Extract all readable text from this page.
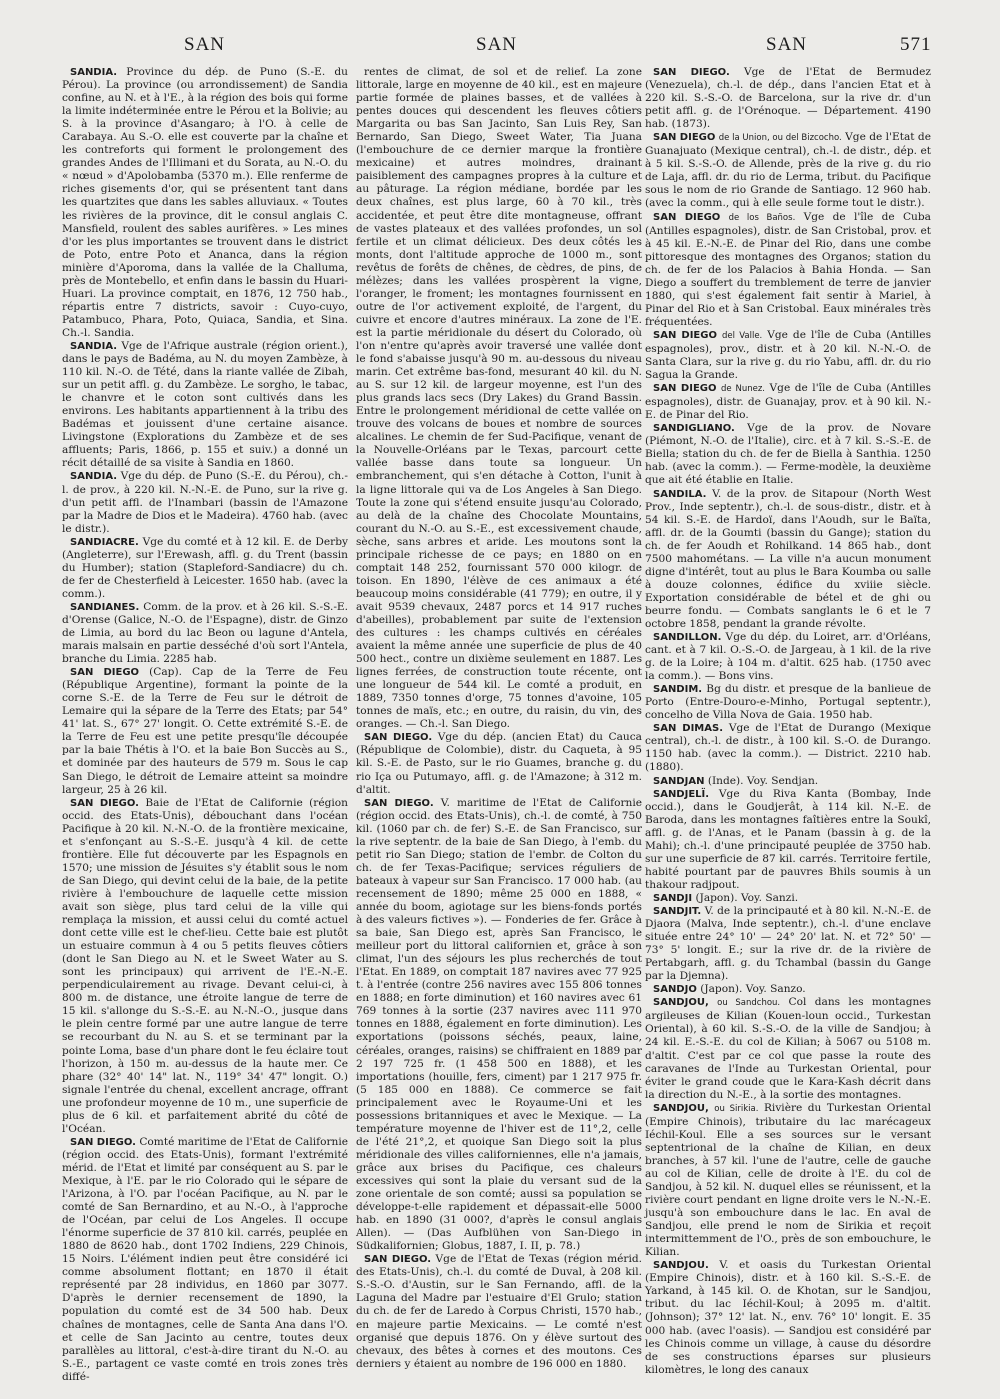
SAN	SAN	SAN	571

SANDIA. Province du dép. de Puno (S.-E. du Pérou). La province (ou arrondissement) de Sandia confine, au N. et à l'E., à la région des bois qui forme la limite indéterminée entre le Pérou et la Bolivie; au S. à la province d'Asangaro; à l'O. à celle de Carabaya. Au S.-O. elle est couverte par la chaîne et les contreforts qui forment le prolongement des grandes Andes de l'Illimani et du Sorata, au N.-O. du « nœud » d'Apolobamba (5370 m.). Elle renferme de riches gisements d'or, qui se présentent tant dans les quartzites que dans les sables alluviaux. « Toutes les rivières de la province, dit le consul anglais C. Mansfield, roulent des sables aurifères. » Les mines d'or les plus importantes se trouvent dans le district de Poto, entre Poto et Ananca, dans la région minière d'Aporoma, dans la vallée de la Challuma, près de Montebello, et enfin dans le bassin du Huari-Huari. La province comptait, en 1876, 12 750 hab., répartis entre 7 districts, savoir : Cuyo-cuyo, Patambuco, Phara, Poto, Quiaca, Sandia, et Sina. Ch.-l. Sandia.

SANDIA. Vge de l'Afrique australe (région orient.), dans le pays de Badéma, au N. du moyen Zambèze, à 110 kil. N.-O. de Tété, dans la riante vallée de Zibah, sur un petit affl. g. du Zambèze. Le sorgho, le tabac, le chanvre et le coton sont cultivés dans les environs. Les habitants appartiennent à la tribu des Badémas et jouissent d'une certaine aisance. Livingstone (Explorations du Zambèze et de ses affluents; Paris, 1866, p. 155 et suiv.) a donné un récit détaillé de sa visite à Sandia en 1860.

SANDIA. Vge du dép. de Puno (S.-E. du Pérou), ch.-l. de prov., à 220 kil. N.-N.-E. de Puno, sur la rive g. d'un petit affl. de l'Inambari (bassin de l'Amazone par la Madre de Dios et le Madeira). 4760 hab. (avec le distr.).

SANDIACRE. Vge du comté et à 12 kil. E. de Derby (Angleterre), sur l'Erewash, affl. g. du Trent (bassin du Humber); station (Stapleford-Sandiacre) du ch. de fer de Chesterfield à Leicester. 1650 hab. (avec la comm.).

SANDIANES. Comm. de la prov. et à 26 kil. S.-S.-E. d'Orense (Galice, N.-O. de l'Espagne), distr. de Ginzo de Limia, au bord du lac Beon ou lagune d'Antela, marais malsain en partie desséché d'où sort l'Antela, branche du Limia. 2285 hab.

SAN DIEGO (Cap). Cap de la Terre de Feu (République Argentine), formant la pointe de la corne S.-E. de la Terre de Feu sur le détroit de Lemaire qui la sépare de la Terre des Etats; par 54° 41' lat. S., 67° 27' longit. O. Cette extrémité S.-E. de la Terre de Feu est une petite presqu'île découpée par la baie Thétis à l'O. et la baie Bon Succès au S., et dominée par des hauteurs de 579 m. Sous le cap San Diego, le détroit de Lemaire atteint sa moindre largeur, 25 à 26 kil.

SAN DIEGO. Baie de l'Etat de Californie (région occid. des Etats-Unis), débouchant dans l'océan Pacifique à 20 kil. N.-N.-O. de la frontière mexicaine, et s'enfonçant au S.-S.-E. jusqu'à 4 kil. de cette frontière. Elle fut découverte par les Espagnols en 1570; une mission de Jésuites s'y établit sous le nom de San Diego, qui devint celui de la baie, de la petite rivière à l'embouchure de laquelle cette mission avait son siège, plus tard celui de la ville qui remplaça la mission, et aussi celui du comté actuel dont cette ville est le chef-lieu. Cette baie est plutôt un estuaire commun à 4 ou 5 petits fleuves côtiers (dont le San Diego au N. et le Sweet Water au S. sont les principaux) qui arrivent de l'E.-N.-E. perpendiculairement au rivage. Devant celui-ci, à 800 m. de distance, une étroite langue de terre de 15 kil. s'allonge du S.-S.-E. au N.-N.-O., jusque dans le plein centre formé par une autre langue de terre se recourbant du N. au S. et se terminant par la pointe Loma, base d'un phare dont le feu éclaire tout l'horizon, à 150 m. au-dessus de la haute mer. Ce phare (32° 40' 14" lat. N., 119° 34' 47" longit. O.) signale l'entrée du chenal, excellent ancrage, offrant une profondeur moyenne de 10 m., une superficie de plus de 6 kil. et parfaitement abrité du côté de l'Océan.

SAN DIEGO. Comté maritime de l'Etat de Californie (région occid. des Etats-Unis), formant l'extrémité mérid. de l'Etat et limité par conséquent au S. par le Mexique, à l'E. par le rio Colorado qui le sépare de l'Arizona, à l'O. par l'océan Pacifique, au N. par le comté de San Bernardino, et au N.-O., à l'approche de l'Océan, par celui de Los Angeles. Il occupe l'énorme superficie de 37 810 kil. carrés, peuplée en 1880 de 8620 hab., dont 1702 Indiens, 229 Chinois, 15 Noirs. L'élément indien peut être considéré ici comme absolument flottant; en 1870 il était représenté par 28 individus, en 1860 par 3077. D'après le dernier recensement de 1890, la population du comté est de 34 500 hab. Deux chaînes de montagnes, celle de Santa Ana dans l'O. et celle de San Jacinto au centre, toutes deux parallèles au littoral, c'est-à-dire tirant du N.-O. au S.-E., partagent ce vaste comté en trois zones très diffé-

rentes de climat, de sol et de relief. La zone littorale, large en moyenne de 40 kil., est en majeure partie formée de plaines basses, et de vallées à pentes douces qui descendent les fleuves côtiers Margarita ou bas San Jacinto, San Luis Rey, San Bernardo, San Diego, Sweet Water, Tia Juana (l'embouchure de ce dernier marque la frontière mexicaine) et autres moindres, drainant paisiblement des campagnes propres à la culture et au pâturage. La région médiane, bordée par les deux chaînes, est plus large, 60 à 70 kil., très accidentée, et peut être dite montagneuse, offrant de vastes plateaux et des vallées profondes, un sol fertile et un climat délicieux. Des deux côtés les monts, dont l'altitude approche de 1000 m., sont revêtus de forêts de chênes, de cèdres, de pins, de mélèzes; dans les vallées prospèrent la vigne, l'oranger, le froment; les montagnes fournissent en outre de l'or activement exploité, de l'argent, du cuivre et encore d'autres minéraux. La zone de l'E. est la partie méridionale du désert du Colorado, où l'on n'entre qu'après avoir traversé une vallée dont le fond s'abaisse jusqu'à 90 m. au-dessous du niveau marin. Cet extrême bas-fond, mesurant 40 kil. du N. au S. sur 12 kil. de largeur moyenne, est l'un des plus grands lacs secs (Dry Lakes) du Grand Bassin. Entre le prolongement méridional de cette vallée on trouve des volcans de boues et nombre de sources alcalines. Le chemin de fer Sud-Pacifique, venant de la Nouvelle-Orléans par le Texas, parcourt cette vallée basse dans toute sa longueur. Un embranchement, qui s'en détache à Cotton, l'unit à la ligne littorale qui va de Los Angeles à San Diego. Toute la zone qui s'étend ensuite jusqu'au Colorado, au delà de la chaîne des Chocolate Mountains, courant du N.-O. au S.-E., est excessivement chaude, sèche, sans arbres et aride. Les moutons sont la principale richesse de ce pays; en 1880 on en comptait 148 252, fournissant 570 000 kilogr. de toison. En 1890, l'élève de ces animaux a été beaucoup moins considérable (41 779); en outre, il y avait 9539 chevaux, 2487 porcs et 14 917 ruches d'abeilles), probablement par suite de l'extension des cultures : les champs cultivés en céréales avaient la même année une superficie de plus de 40 500 hect., contre un dixième seulement en 1887. Les lignes ferrées, de construction toute récente, ont une longueur de 544 kil. Le comté a produit, en 1889, 7350 tonnes d'orge, 75 tonnes d'avoine, 105 tonnes de maïs, etc.; en outre, du raisin, du vin, des oranges. — Ch.-l. San Diego.

SAN DIEGO. Vge du dép. (ancien Etat) du Cauca (République de Colombie), distr. du Caqueta, à 95 kil. S.-E. de Pasto, sur le rio Guames, branche g. du rio Iça ou Putumayo, affl. g. de l'Amazone; à 312 m. d'altit.

SAN DIEGO. V. maritime de l'Etat de Californie (région occid. des Etats-Unis), ch.-l. de comté, à 750 kil. (1060 par ch. de fer) S.-E. de San Francisco, sur la rive septentr. de la baie de San Diego, à l'emb. du petit rio San Diego; station de l'embr. de Colton du ch. de fer Texas-Pacifique; services réguliers de bateaux à vapeur sur San Francisco. 17 000 hab. (au recensement de 1890; même 25 000 en 1888, « année du boom, agiotage sur les biens-fonds portés à des valeurs fictives »). — Fonderies de fer. Grâce à sa baie, San Diego est, après San Francisco, le meilleur port du littoral californien et, grâce à son climat, l'un des séjours les plus recherchés de tout l'Etat. En 1889, on comptait 187 navires avec 77 925 t. à l'entrée (contre 256 navires avec 155 806 tonnes en 1888; en forte diminution) et 160 navires avec 61 769 tonnes à la sortie (237 navires avec 111 970 tonnes en 1888, également en forte diminution). Les exportations (poissons séchés, peaux, laine, céréales, oranges, raisins) se chiffraient en 1889 par 2 197 725 fr. (1 458 500 en 1888), et les importations (houille, fers, ciment) par 1 217 975 fr. (5 185 000 en 1888). Ce commerce se fait principalement avec le Royaume-Uni et les possessions britanniques et avec le Mexique. — La température moyenne de l'hiver est de 11°,2, celle de l'été 21°,2, et quoique San Diego soit la plus méridionale des villes californiennes, elle n'a jamais, grâce aux brises du Pacifique, ces chaleurs excessives qui sont la plaie du versant sud de la zone orientale de son comté; aussi sa population se développe-t-elle rapidement et dépassait-elle 5000 hab. en 1890 (31 000?, d'après le consul anglais Allen). — (Das Aufblühen von San-Diego in Südkalifornien; Globus, 1887, I. II, p. 78.)

SAN DIEGO. Vge de l'Etat de Texas (région mérid. des Etats-Unis), ch.-l. du comté de Duval, à 208 kil. S.-S.-O. d'Austin, sur le San Fernando, affl. de la Laguna del Madre par l'estuaire d'El Grulo; station du ch. de fer de Laredo à Corpus Christi, 1570 hab., en majeure partie Mexicains. — Le comté n'est organisé que depuis 1876. On y élève surtout des chevaux, des bêtes à cornes et des moutons. Ces derniers y étaient au nombre de 196 000 en 1880.

SAN DIEGO. Vge de l'Etat de Bermudez (Venezuela), ch.-l. de dép., dans l'ancien Etat et à 220 kil. S.-S.-O. de Barcelona, sur la rive dr. d'un petit affl. g. de l'Orénoque. — Département. 4190 hab. (1873).

SAN DIEGO de la Union, ou del Bizcocho. Vge de l'Etat de Guanajuato (Mexique central), ch.-l. de distr., dép. et à 5 kil. S.-S.-O. de Allende, près de la rive g. du rio de Laja, affl. dr. du rio de Lerma, tribut. du Pacifique sous le nom de rio Grande de Santiago. 12 960 hab. (avec la comm., qui à elle seule forme tout le distr.).

SAN DIEGO de los Baños. Vge de l'île de Cuba (Antilles espagnoles), distr. de San Cristobal, prov. et à 45 kil. E.-N.-E. de Pinar del Rio, dans une combe pittoresque des montagnes des Organos; station du ch. de fer de los Palacios à Bahia Honda. — San Diego a souffert du tremblement de terre de janvier 1880, qui s'est également fait sentir à Mariel, à Pinar del Rio et à San Cristobal. Eaux minérales très fréquentées.

SAN DIEGO del Valle. Vge de l'île de Cuba (Antilles espagnoles), prov., distr. et à 20 kil. N.-N.-O. de Santa Clara, sur la rive g. du rio Yabu, affl. dr. du rio Sagua la Grande.

SAN DIEGO de Nunez. Vge de l'île de Cuba (Antilles espagnoles), distr. de Guanajay, prov. et à 90 kil. N.-E. de Pinar del Rio.

SANDIGLIANO. Vge de la prov. de Novare (Piémont, N.-O. de l'Italie), circ. et à 7 kil. S.-S.-E. de Biella; station du ch. de fer de Biella à Santhia. 1250 hab. (avec la comm.). — Ferme-modèle, la deuxième que ait été établie en Italie.

SANDILA. V. de la prov. de Sitapour (North West Prov., Inde septentr.), ch.-l. de sous-distr., distr. et à 54 kil. S.-E. de Hardoï, dans l'Aoudh, sur le Baïta, affl. dr. de la Goumti (bassin du Gange); station du ch. de fer Aoudh et Rohilkand. 14 865 hab., dont 7500 mahométans. — La ville n'a aucun monument digne d'intérêt, tout au plus le Bara Koumba ou salle à douze colonnes, édifice du xviiie siècle. Exportation considérable de bétel et de ghi ou beurre fondu. — Combats sanglants le 6 et le 7 octobre 1858, pendant la grande révolte.

SANDILLON. Vge du dép. du Loiret, arr. d'Orléans, cant. et à 7 kil. O.-S.-O. de Jargeau, à 1 kil. de la rive g. de la Loire; à 104 m. d'altit. 625 hab. (1750 avec la comm.). — Bons vins.

SANDIM. Bg du distr. et presque de la banlieue de Porto (Entre-Douro-e-Minho, Portugal septentr.), concelho de Villa Nova de Gaia. 1950 hab.

SAN DIMAS. Vge de l'Etat de Durango (Mexique central), ch.-l. de distr., à 100 kil. S.-O. de Durango. 1150 hab. (avec la comm.). — District. 2210 hab. (1880).

SANDJAN (Inde). Voy. Sendjan.

SANDJELÏ. Vge du Riva Kanta (Bombay, Inde occid.), dans le Goudjerât, à 114 kil. N.-E. de Baroda, dans les montagnes faîtières entre la Soukî, affl. g. de l'Anas, et le Panam (bassin à g. de la Mahi); ch.-l. d'une principauté peuplée de 3750 hab. sur une superficie de 87 kil. carrés. Territoire fertile, habité pourtant par de pauvres Bhils soumis à un thakour radjpout.

SANDJI (Japon). Voy. Sanzi.

SANDJIT. V. de la principauté et à 80 kil. N.-N.-E. de Djaora (Malva, Inde septentr.), ch.-l. d'une enclave située entre 24° 10' — 24° 20' lat. N. et 72° 50' — 73° 5' longit. E.; sur la rive dr. de la rivière de Pertabgarh, affl. g. du Tchambal (bassin du Gange par la Djemna).

SANDJO (Japon). Voy. Sanzo.

SANDJOU, ou Sandchou. Col dans les montagnes argileuses de Kilian (Kouen-loun occid., Turkestan Oriental), à 60 kil. S.-S.-O. de la ville de Sandjou; à 24 kil. E.-S.-E. du col de Kilian; à 5067 ou 5108 m. d'altit. C'est par ce col que passe la route des caravanes de l'Inde au Turkestan Oriental, pour éviter le grand coude que le Kara-Kash décrit dans la direction du N.-E., à la sortie des montagnes.

SANDJOU, ou Sirikia. Rivière du Turkestan Oriental (Empire Chinois), tributaire du lac marécageux Iéchil-Koul. Elle a ses sources sur le versant septentrional de la chaîne de Kilian, en deux branches, à 57 kil. l'une de l'autre, celle de gauche au col de Kilian, celle de droite à l'E. du col de Sandjou, à 52 kil. N. duquel elles se réunissent, et la rivière court pendant en ligne droite vers le N.-N.-E. jusqu'à son embouchure dans le lac. En aval de Sandjou, elle prend le nom de Sirikia et reçoit intermittemment de l'O., près de son embouchure, le Kilian.

SANDJOU. V. et oasis du Turkestan Oriental (Empire Chinois), distr. et à 160 kil. S.-S.-E. de Yarkand, à 145 kil. O. de Khotan, sur le Sandjou, tribut. du lac Iéchil-Koul; à 2095 m. d'altit. (Johnson); 37° 12' lat. N., env. 76° 10' longit. E. 35 000 hab. (avec l'oasis). — Sandjou est considéré par les Chinois comme un village, à cause du désordre de ses constructions éparses sur plusieurs kilomètres, le long des canaux
